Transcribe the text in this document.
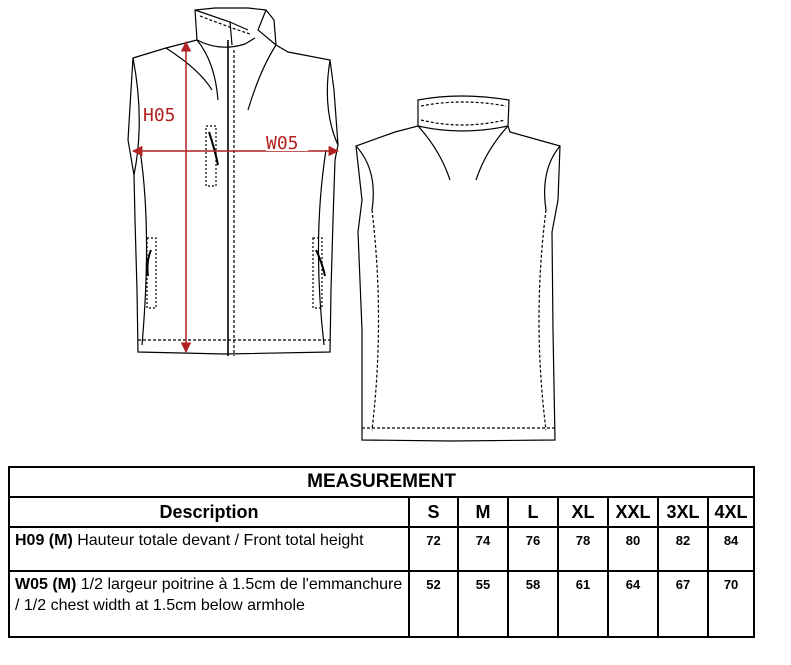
H05
W05
MEASUREMENT							
Description	S	M	L	XL	XXL	3XL	4XL
H09 (M) Hauteur totale devant / Front total height	72	74	76	78	80	82	84
W05 (M) 1/2 largeur poitrine à 1.5cm de l'emmanchure / 1/2 chest width at 1.5cm below armhole	52	55	58	61	64	67	70
